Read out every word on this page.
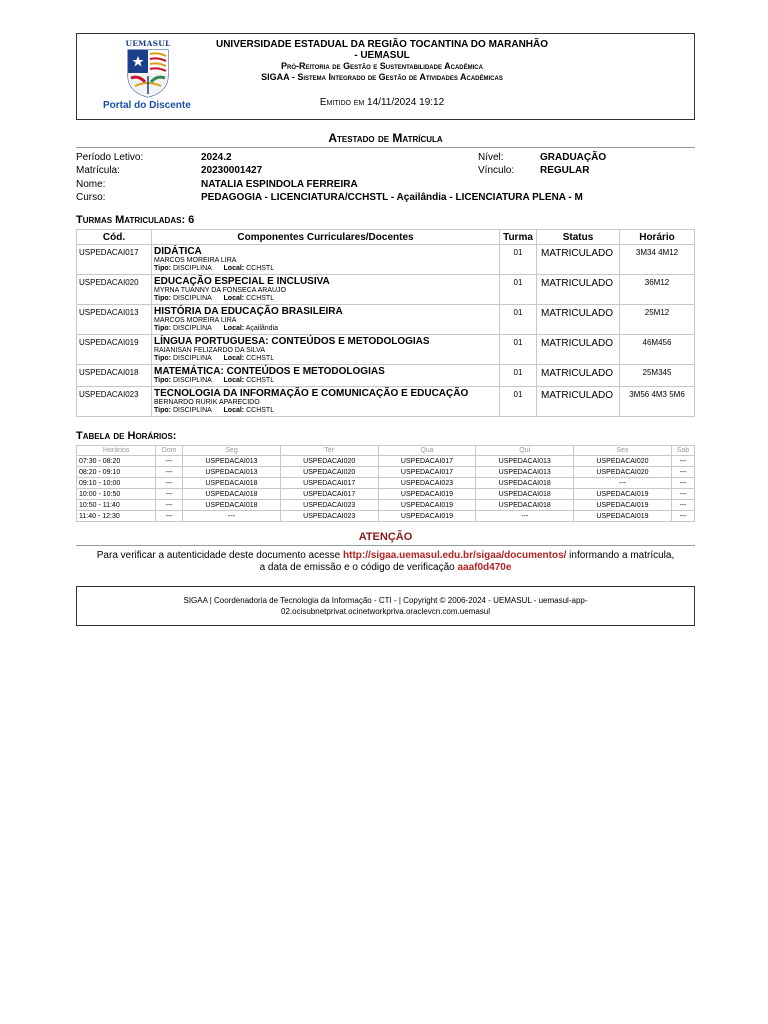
UEMASUL
Portal do Discente
UNIVERSIDADE ESTADUAL DA REGIÃO TOCANTINA DO MARANHÃO
- UEMASUL
Pró-Reitoria de Gestão e Sustentabilidade Acadêmica
SIGAA - Sistema Integrado de Gestão de Atividades Acadêmicas
Emitido em 14/11/2024 19:12
Atestado de Matrícula
Período Letivo:	2024.2	Nível:	GRADUAÇÃO
Matrícula:	20230001427	Vínculo:	REGULAR
Nome:	NATALIA ESPINDOLA FERREIRA
Curso:	PEDAGOGIA - LICENCIATURA/CCHSTL - Açailândia - LICENCIATURA PLENA - M
Turmas Matriculadas: 6
Cód.	Componentes Curriculares/Docentes	Turma	Status	Horário
USPEDACAI017	DIDÁTICA
MARCOS MOREIRA LIRA
Tipo: DISCIPLINA Local: CCHSTL	01	MATRICULADO	3M34 4M12
USPEDACAI020	EDUCAÇÃO ESPECIAL E INCLUSIVA
MYRNA TUANNY DA FONSECA ARAUJO
Tipo: DISCIPLINA Local: CCHSTL	01	MATRICULADO	36M12
USPEDACAI013	HISTÓRIA DA EDUCAÇÃO BRASILEIRA
MARCOS MOREIRA LIRA
Tipo: DISCIPLINA Local: Açailândia	01	MATRICULADO	25M12
USPEDACAI019	LÍNGUA PORTUGUESA: CONTEÚDOS E METODOLOGIAS
RAIANISAN FELIZARDO DA SILVA
Tipo: DISCIPLINA Local: CCHSTL	01	MATRICULADO	46M456
USPEDACAI018	MATEMÁTICA: CONTEÚDOS E METODOLOGIAS
Tipo: DISCIPLINA Local: CCHSTL	01	MATRICULADO	25M345
USPEDACAI023	TECNOLOGIA DA INFORMAÇÃO E COMUNICAÇÃO E EDUCAÇÃO
BERNARDO RURIK APARECIDO
Tipo: DISCIPLINA Local: CCHSTL	01	MATRICULADO	3M56 4M3 5M6
Tabela de Horários:
Horários	Dom	Seg	Ter	Qua	Qui	Sex	Sab
07:30 - 08:20	---	USPEDACAI013	USPEDACAI020	USPEDACAI017	USPEDACAI013	USPEDACAI020	---
08:20 - 09:10	---	USPEDACAI013	USPEDACAI020	USPEDACAI017	USPEDACAI013	USPEDACAI020	---
09:10 - 10:00	---	USPEDACAI018	USPEDACAI017	USPEDACAI023	USPEDACAI018	---	---
10:00 - 10:50	---	USPEDACAI018	USPEDACAI017	USPEDACAI019	USPEDACAI018	USPEDACAI019	---
10:50 - 11:40	---	USPEDACAI018	USPEDACAI023	USPEDACAI019	USPEDACAI018	USPEDACAI019	---
11:40 - 12:30	---	---	USPEDACAI023	USPEDACAI019	---	USPEDACAI019	---
ATENÇÃO
Para verificar a autenticidade deste documento acesse http://sigaa.uemasul.edu.br/sigaa/documentos/ informando a matrícula, a data de emissão e o código de verificação aaaf0d470e
SIGAA | Coordenadoria de Tecnologia da Informação - CTI - | Copyright © 2006-2024 - UEMASUL - uemasul-app-02.ocisubnetprivat.ocinetworkpriva.oraclevcn.com.uemasul
